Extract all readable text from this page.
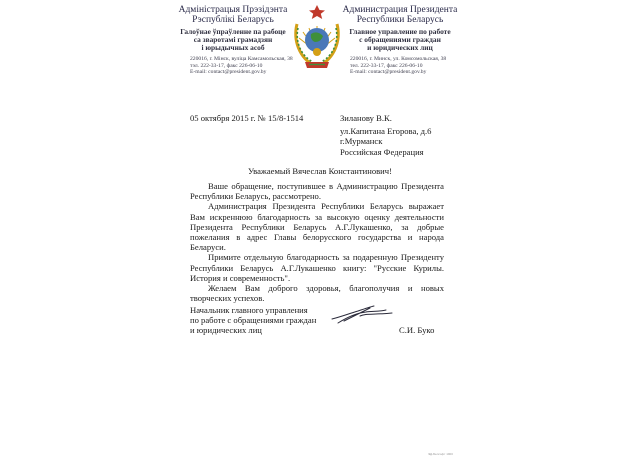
Адміністрацыя Прэзідэнта
Рэспублікі Беларусь
Галоўнае ўпраўленне па рабоце
са зваротамі грамадзян
і юрыдычных асоб
220016, г. Мінск, вуліца Камсамольская, 38
тэл. 222-33-17, факс 226-06-10
E-mail: contact@president.gov.by
Администрация Президента
Республики Беларусь
Главное управление по работе
с обращениями граждан
и юридических лиц
220016, г. Минск, ул. Комсомольская, 38
тел. 222-33-17, факс 226-06-10
E-mail: contact@president.gov.by
05 октября 2015 г. № 15/8-1514	Зиланову В.К.
ул.Капитана Егорова, д.6
г.Мурманск
Российская Федерация
Уважаемый Вячеслав Константинович!

Ваше обращение, поступившее в Администрацию Президента Республики Беларусь, рассмотрено.

Администрация Президента Республики Беларусь выражает Вам искреннюю благодарность за высокую оценку деятельности Президента Республики Беларусь А.Г.Лукашенко, за добрые пожелания в адрес Главы белорусского государства и народа Беларуси.

Примите отдельную благодарность за подаренную Президенту Республики Беларусь А.Г.Лукашенко книгу: "Русские Курилы. История и современность".

Желаем Вам доброго здоровья, благополучия и новых творческих успехов.

Начальник главного управления
по работе с обращениями граждан
и юридических лиц	С.И. Буко
ЭД-Белсофт 1900
